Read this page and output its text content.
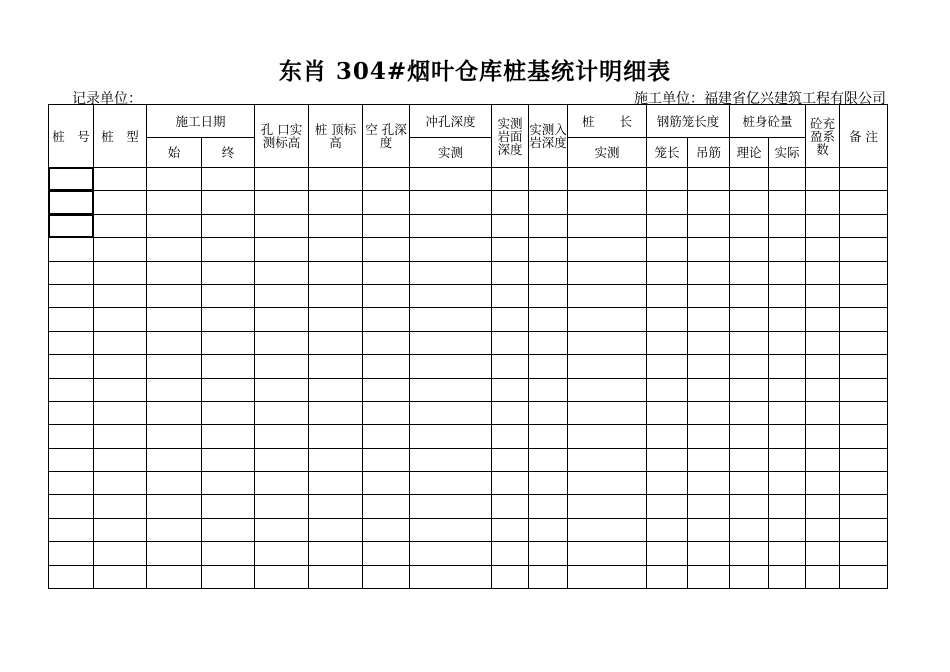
东肖 304#烟叶仓库桩基统计明细表
记录单位：	施工单位：福建省亿兴建筑工程有限公司
桩　号	桩　型	施工日期		孔 口实测标高	桩 顶标 高	空 孔深度	冲孔深度	实测岩面深度	实测入岩深度	桩　　长	钢筋笼长度		桩身砼量		砼充盈系数	备 注
		始	终				实测			实测	笼长	吊筋	理论	实际		
